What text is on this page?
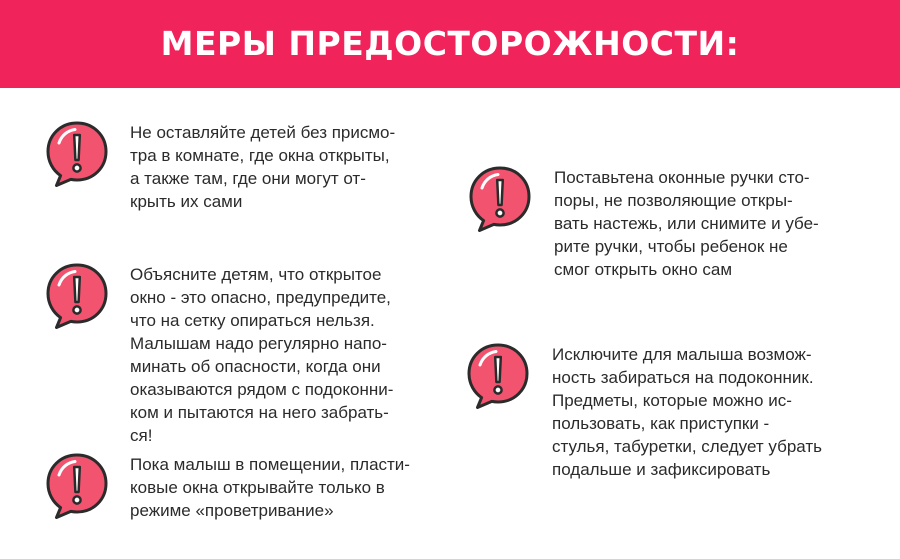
МЕРЫ ПРЕДОСТОРОЖНОСТИ:
Не оставляйте детей без присмо-
тра в комнате, где окна открыты,
а также там, где они могут от-
крыть их сами
Объясните детям, что открытое
окно - это опасно, предупредите,
что на сетку опираться нельзя.
Малышам надо регулярно напо-
минать об опасности, когда они
оказываются рядом с подоконни-
ком и пытаются на него забрать-
ся!
Пока малыш в помещении, пласти-
ковые окна открывайте только в
режиме «проветривание»
Поставьтена оконные ручки сто-
поры, не позволяющие откры-
вать настежь, или снимите и убе-
рите ручки, чтобы ребенок не
смог открыть окно сам
Исключите для малыша возмож-
ность забираться на подоконник.
Предметы, которые можно ис-
пользовать, как приступки -
стулья, табуретки, следует убрать
подальше и зафиксировать
